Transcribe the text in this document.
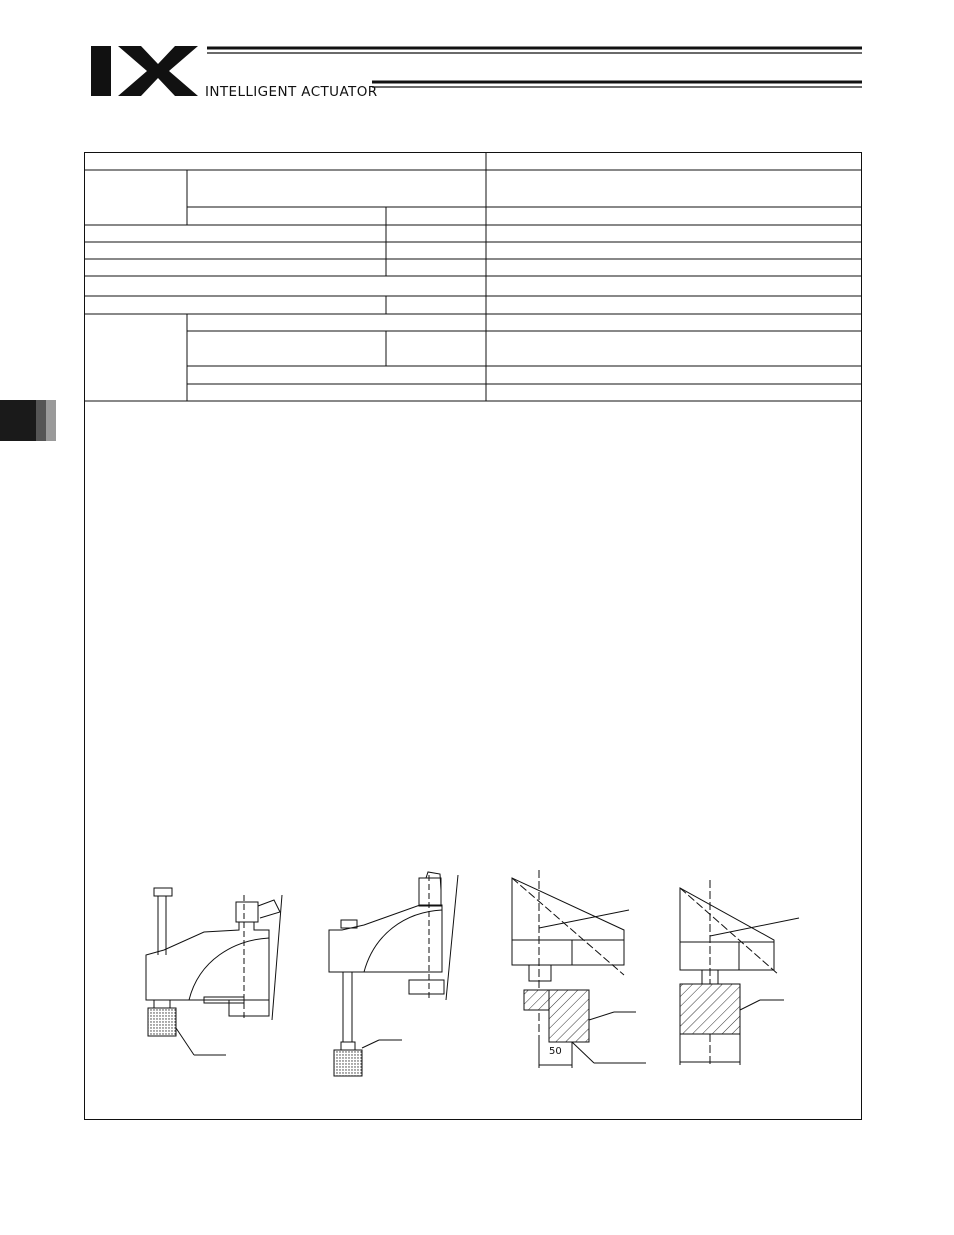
INTELLIGENT ACTUATOR
50
